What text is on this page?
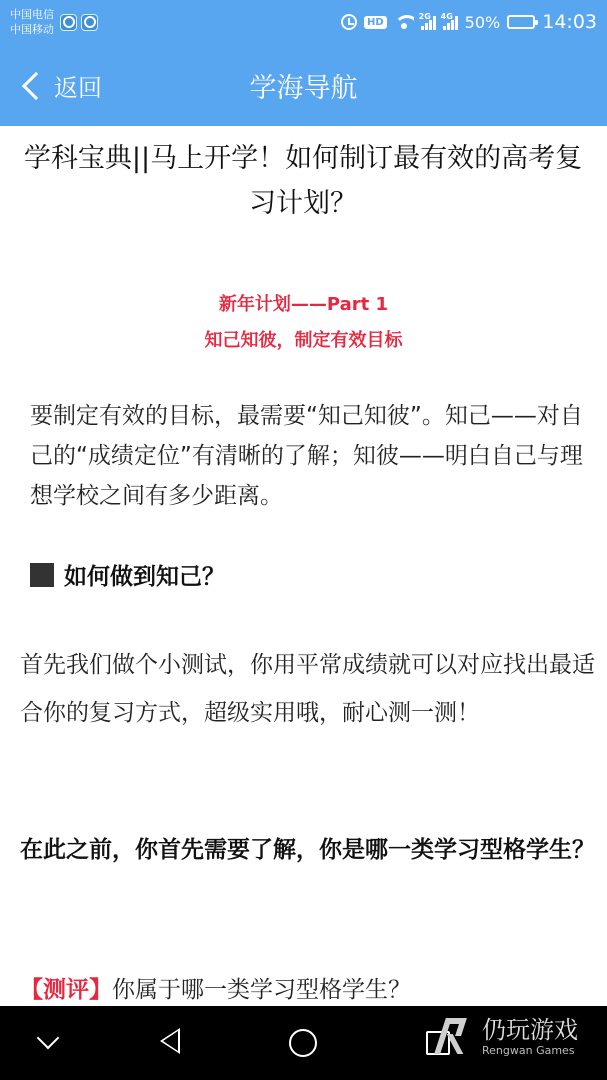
中国电信
中国移动
HD
2G 4G 50% 14:03
返回	学海导航
学科宝典||马上开学！如何制订最有效的高考复习计划？
新年计划——Part 1
知己知彼，制定有效目标
要制定有效的目标，最需要“知己知彼”。知己——对自己的“成绩定位”有清晰的了解；知彼——明白自己与理想学校之间有多少距离。
如何做到知己？
首先我们做个小测试，你用平常成绩就可以对应找出最适合你的复习方式，超级实用哦，耐心测一测！
在此之前，你首先需要了解，你是哪一类学习型格学生？
【测评】 你属于哪一类学习型格学生？
仍玩游戏
Rengwan Games
